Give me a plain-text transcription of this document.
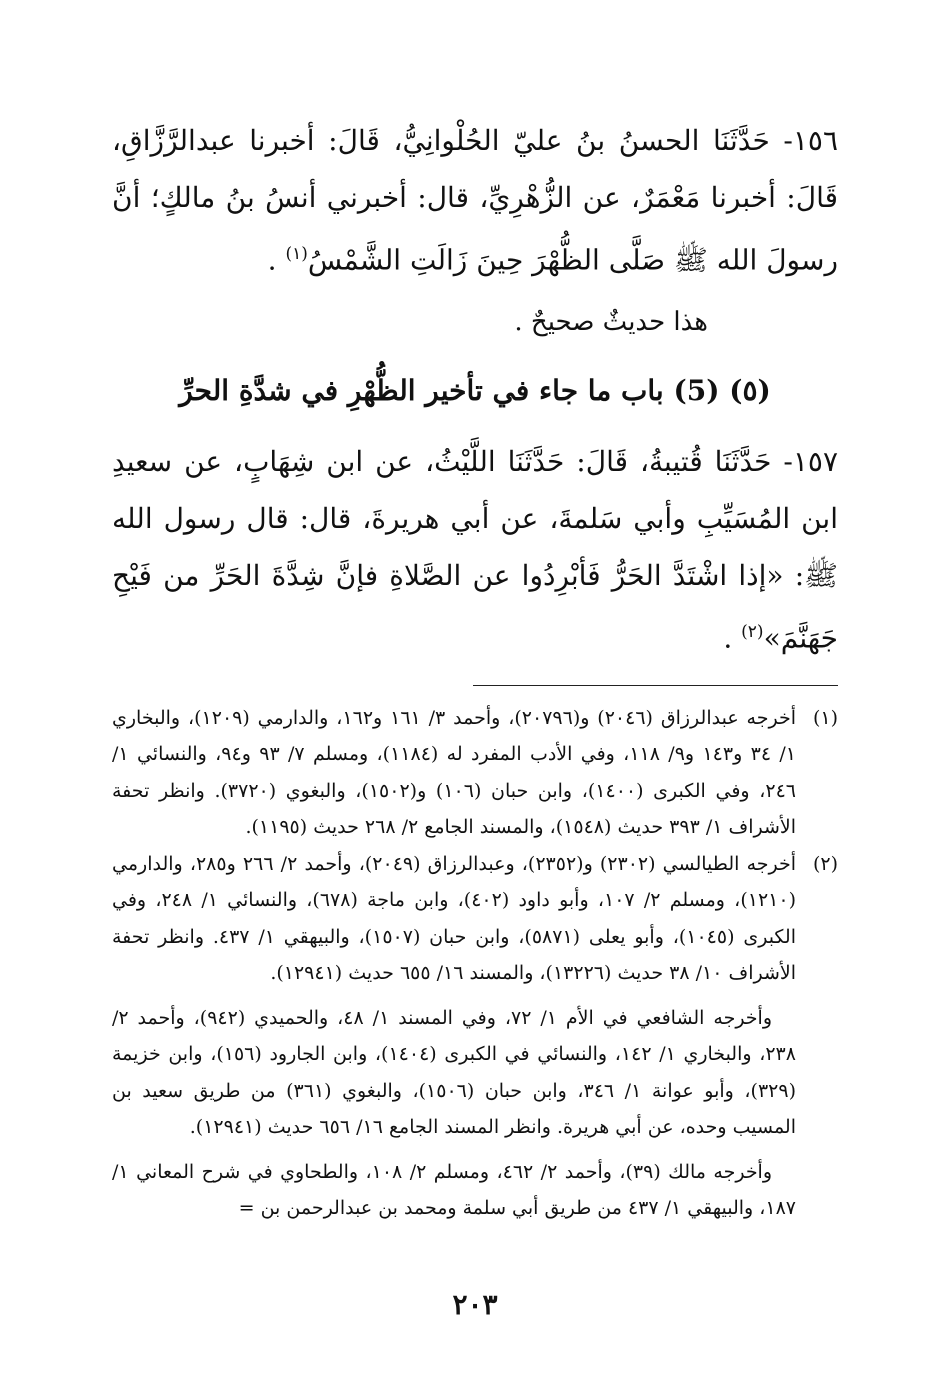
١٥٦- حَدَّثَنَا الحسنُ بنُ عليّ الحُلْوانِيُّ، قَالَ: أخبرنا عبدالرَّزَّاقِ، قَالَ: أخبرنا مَعْمَرٌ، عن الزُّهْرِيِّ، قال: أخبرني أنسُ بنُ مالكٍ؛ أنَّ رسولَ الله ﷺ صَلَّى الظُّهْرَ حِينَ زَالَتِ الشَّمْسُ$^{(١)}$ .

هذا حديثٌ صحيحٌ .

(٥) (5) باب ما جاء في تأخير الظُّهْرِ في شدَّةِ الحرِّ

١٥٧- حَدَّثَنَا قُتيبةُ، قَالَ: حَدَّثَنَا اللَّيْثُ، عن ابن شِهَابٍ، عن سعيدِ ابن المُسَيِّبِ وأبي سَلمةَ، عن أبي هريرةَ، قال: قال رسول الله ﷺ: «إذا اشْتَدَّ الحَرُّ فَأبْرِدُوا عن الصَّلاةِ فإنَّ شِدَّةَ الحَرِّ من فَيْحِ جَهَنَّمَ»$^{(٢)}$ .

(١)

أخرجه عبدالرزاق (٢٠٤٦) و(٢٠٧٩٦)، وأحمد ٣/ ١٦١ و١٦٢، والدارمي (١٢٠٩)، والبخاري ١/ ٣٤ و١٤٣ و٩/ ١١٨، وفي الأدب المفرد له (١١٨٤)، ومسلم ٧/ ٩٣ و٩٤، والنسائي ١/ ٢٤٦، وفي الكبرى (١٤٠٠)، وابن حبان (١٠٦) و(١٥٠٢)، والبغوي (٣٧٢٠). وانظر تحفة الأشراف ١/ ٣٩٣ حديث (١٥٤٨)، والمسند الجامع ٢/ ٢٦٨ حديث (١١٩٥).

(٢)

أخرجه الطيالسي (٢٣٠٢) و(٢٣٥٢)، وعبدالرزاق (٢٠٤٩)، وأحمد ٢/ ٢٦٦ و٢٨٥، والدارمي (١٢١٠)، ومسلم ٢/ ١٠٧، وأبو داود (٤٠٢)، وابن ماجة (٦٧٨)، والنسائي ١/ ٢٤٨، وفي الكبرى (١٠٤٥)، وأبو يعلى (٥٨٧١)، وابن حبان (١٥٠٧)، والبيهقي ١/ ٤٣٧. وانظر تحفة الأشراف ١٠/ ٣٨ حديث (١٣٢٢٦)، والمسند ١٦/ ٦٥٥ حديث (١٢٩٤١).

وأخرجه الشافعي في الأم ١/ ٧٢، وفي المسند ١/ ٤٨، والحميدي (٩٤٢)، وأحمد ٢/ ٢٣٨، والبخاري ١/ ١٤٢، والنسائي في الكبرى (١٤٠٤)، وابن الجارود (١٥٦)، وابن خزيمة (٣٢٩)، وأبو عوانة ١/ ٣٤٦، وابن حبان (١٥٠٦)، والبغوي (٣٦١) من طريق سعيد بن المسيب وحده، عن أبي هريرة. وانظر المسند الجامع ١٦/ ٦٥٦ حديث (١٢٩٤١).

وأخرجه مالك (٣٩)، وأحمد ٢/ ٤٦٢، ومسلم ٢/ ١٠٨، والطحاوي في شرح المعاني ١/ ١٨٧، والبيهقي ١/ ٤٣٧ من طريق أبي سلمة ومحمد بن عبدالرحمن بن =

٢٠٣
